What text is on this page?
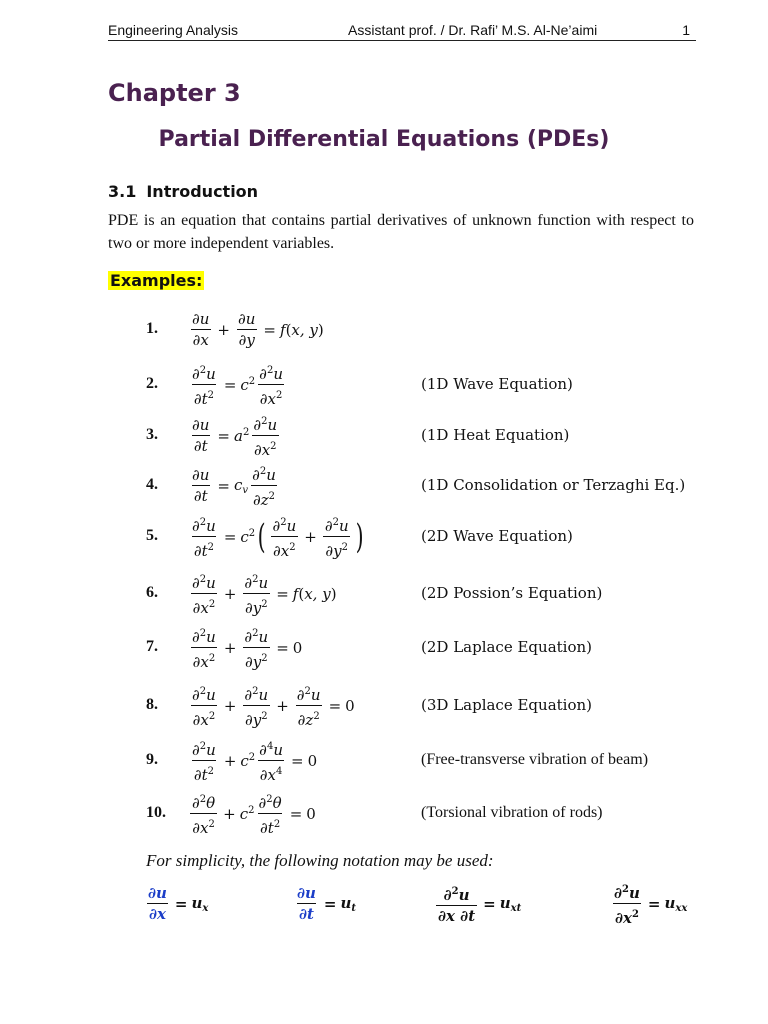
Engineering Analysis	Assistant prof. / Dr. Rafi’ M.S. Al-Ne’aimi	1
Chapter 3
Partial Differential Equations (PDEs)
3.1 Introduction
PDE is an equation that contains partial derivatives of unknown function with respect to two or more independent variables.
Examples:
1. $\frac{\partial u}{\partial x} + \frac{\partial u}{\partial y} = f$ ( x, y )
2. $\frac{\partial^2u}{\partial t^2} = c^2 \frac{\partial^2u}{\partial x^2}$	(1D Wave Equation)
3. $\frac{\partial u}{\partial t} = a^2 \frac{\partial^2u}{\partial x^2}$	(1D Heat Equation)
4. $\frac{\partial u}{\partial t} = c_v \frac{\partial^2u}{\partial z^2}$	(1D Consolidation or Terzaghi Eq.)
5. $\frac{\partial^2u}{\partial t^2} = c^2$ ( $\frac{\partial^2u}{\partial x^2} + \frac{\partial^2u}{\partial y^2}$ )	(2D Wave Equation)
6. $\frac{\partial^2u}{\partial x^2} + \frac{\partial^2u}{\partial y^2} = f$ ( x, y )	(2D Possion’s Equation)
7. $\frac{\partial^2u}{\partial x^2} + \frac{\partial^2u}{\partial y^2} = 0$	(2D Laplace Equation)
8. $\frac{\partial^2u}{\partial x^2} + \frac{\partial^2u}{\partial y^2} + \frac{\partial^2u}{\partial z^2} = 0$	(3D Laplace Equation)
9. $\frac{\partial^2u}{\partial t^2} + c^2 \frac{\partial^4u}{\partial x^4} = 0$	(Free-transverse vibration of beam)
10. $\frac{\partial^2\theta}{\partial x^2} + c^2 \frac{\partial^2\theta}{\partial t^2} = 0$	(Torsional vibration of rods)
For simplicity, the following notation may be used:
$\frac{\partial u}{\partial x} = u_x$	$\frac{\partial u}{\partial t} = u_t$	$\frac{\partial^2u}{\partial x \partial t} = u_{xt}$	$\frac{\partial^2u}{\partial x^2} = u_{xx}$
